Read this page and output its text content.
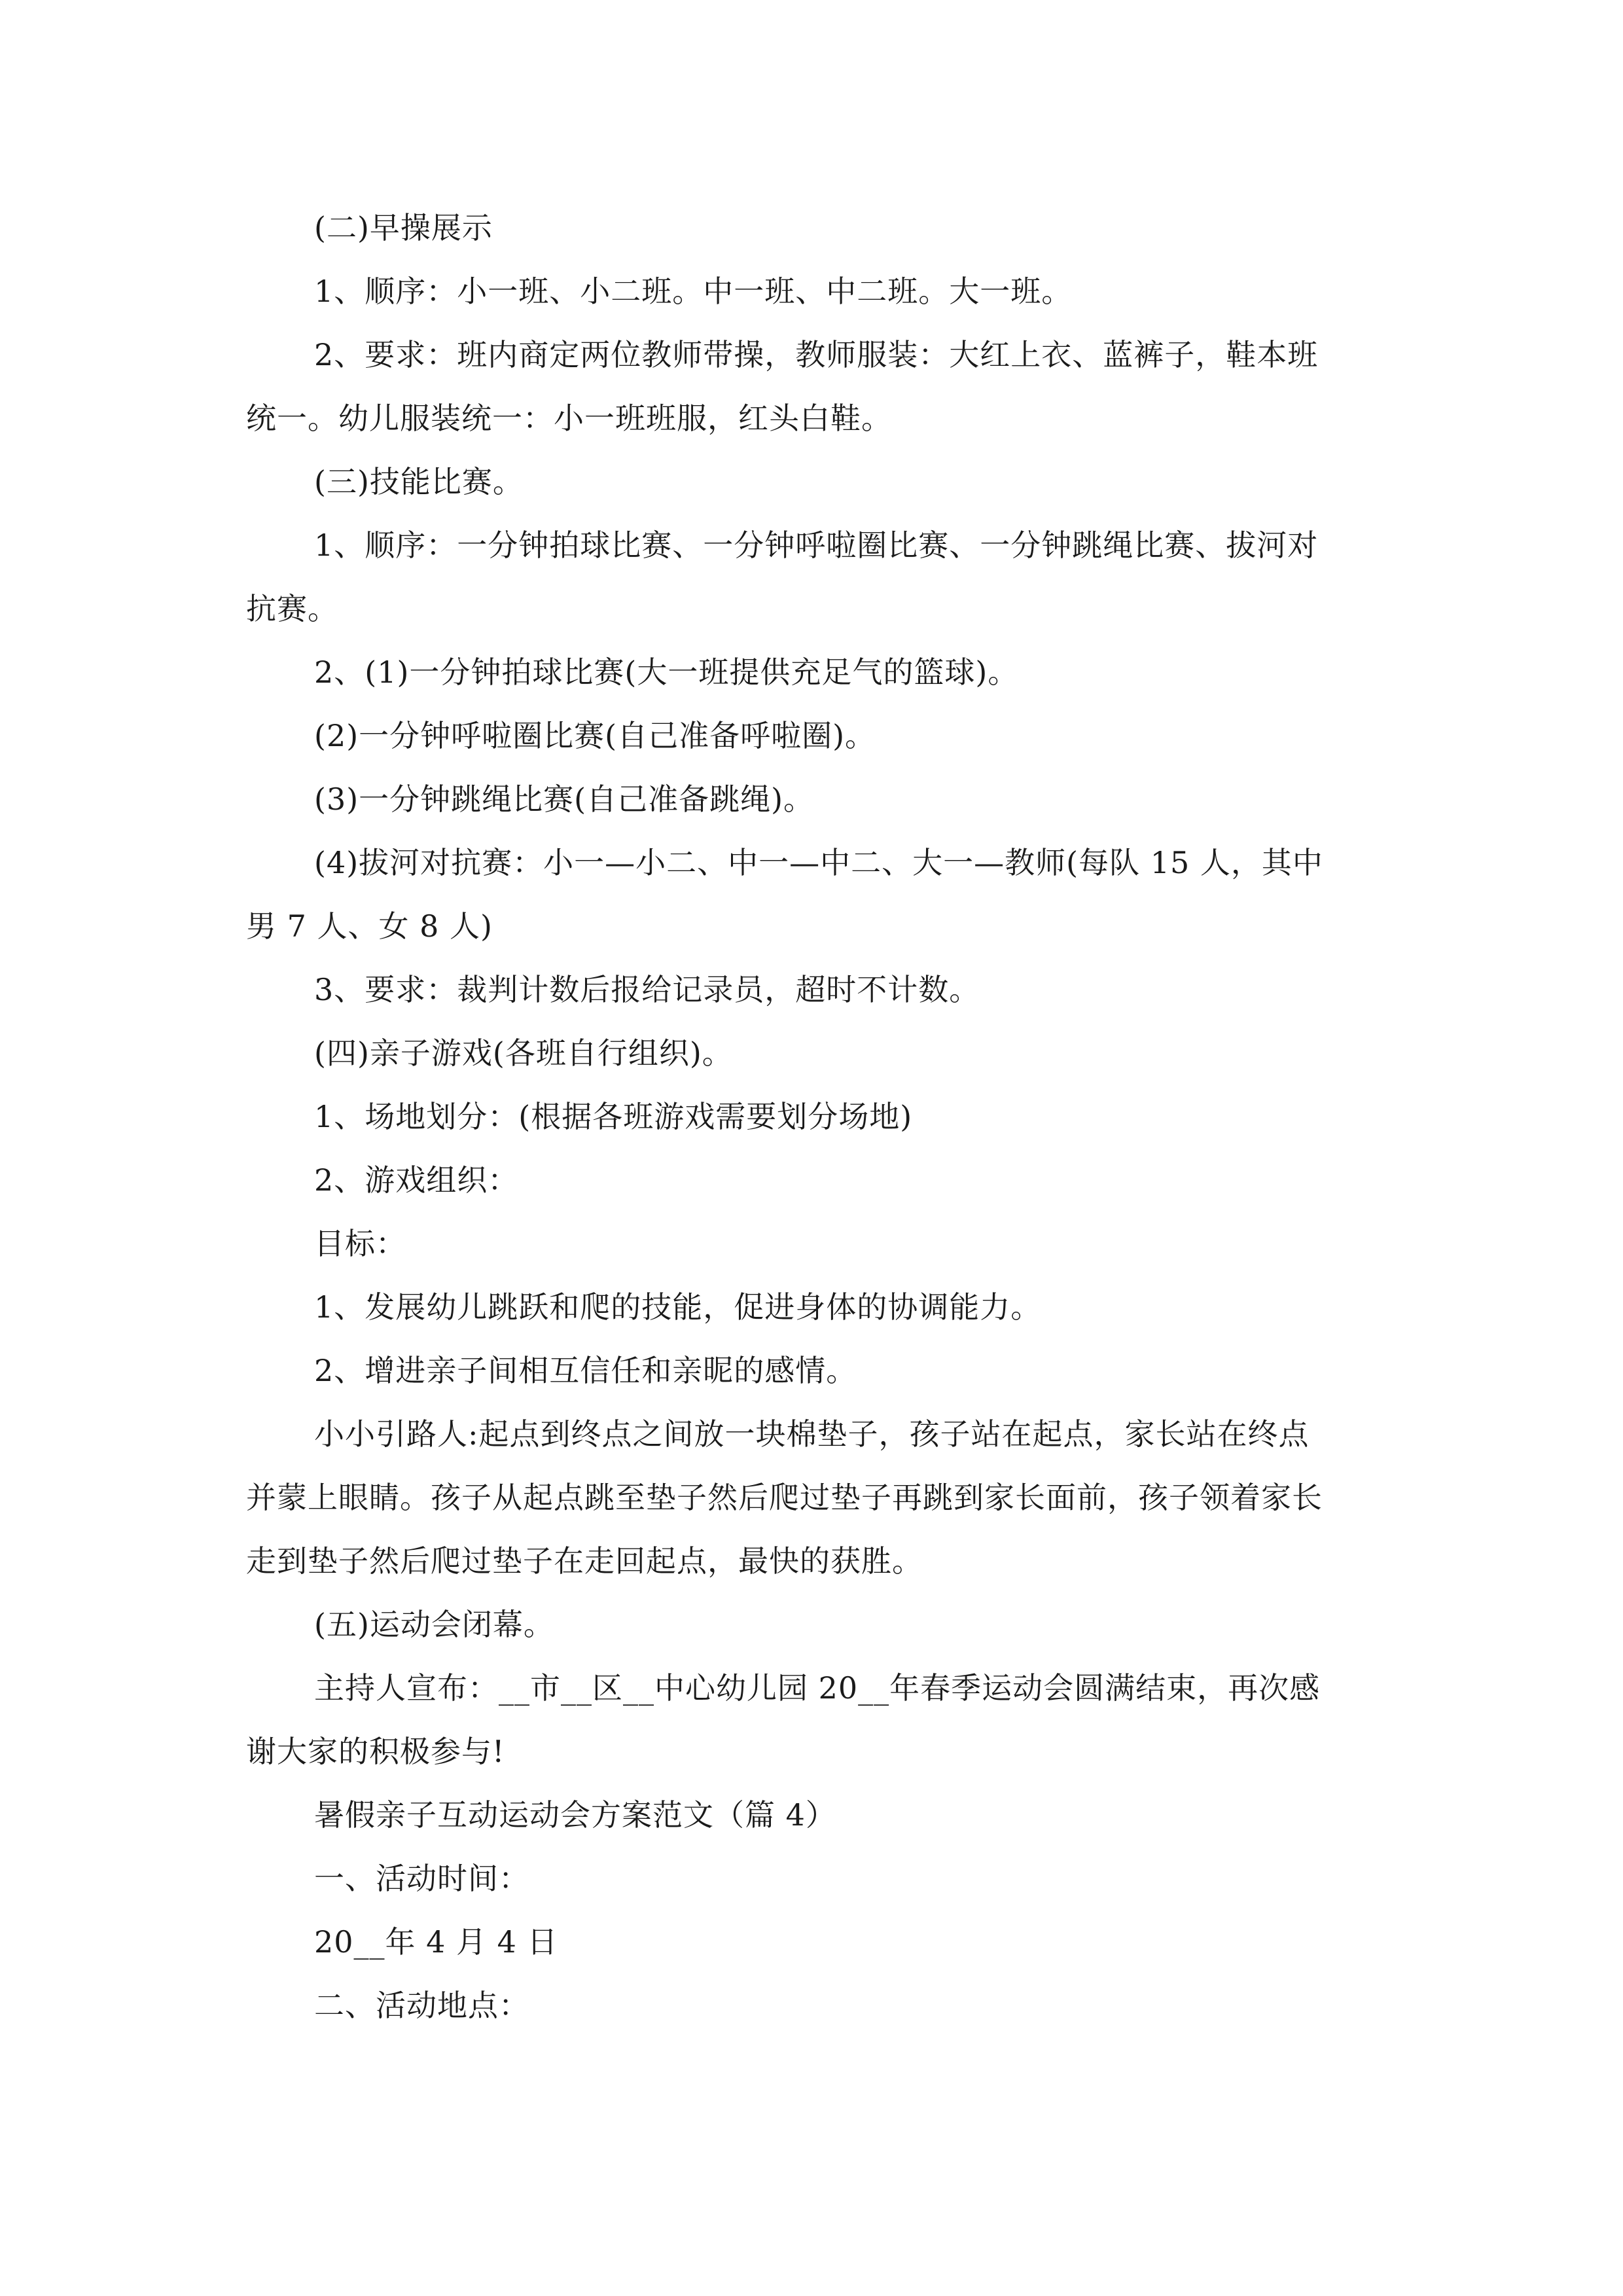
(二)早操展示
1、顺序：小一班、小二班。中一班、中二班。大一班。
2、要求：班内商定两位教师带操，教师服装：大红上衣、蓝裤子，鞋本班
统一。幼儿服装统一：小一班班服，红头白鞋。
(三)技能比赛。
1、顺序：一分钟拍球比赛、一分钟呼啦圈比赛、一分钟跳绳比赛、拔河对
抗赛。
2、(1)一分钟拍球比赛(大一班提供充足气的篮球)。
(2)一分钟呼啦圈比赛(自己准备呼啦圈)。
(3)一分钟跳绳比赛(自己准备跳绳)。
(4)拔河对抗赛：小一—小二、中一—中二、大一—教师(每队 15 人，其中
男 7 人、女 8 人)
3、要求：裁判计数后报给记录员，超时不计数。
(四)亲子游戏(各班自行组织)。
1、场地划分：(根据各班游戏需要划分场地)
2、游戏组织：
目标：
1、发展幼儿跳跃和爬的技能，促进身体的协调能力。
2、增进亲子间相互信任和亲昵的感情。
小小引路人:起点到终点之间放一块棉垫子，孩子站在起点，家长站在终点
并蒙上眼睛。孩子从起点跳至垫子然后爬过垫子再跳到家长面前，孩子领着家长
走到垫子然后爬过垫子在走回起点，最快的获胜。
(五)运动会闭幕。
主持人宣布：__市__区__中心幼儿园 20__年春季运动会圆满结束，再次感
谢大家的积极参与!
暑假亲子互动运动会方案范文（篇 4）
一、活动时间：
20__年 4 月 4 日
二、活动地点：
